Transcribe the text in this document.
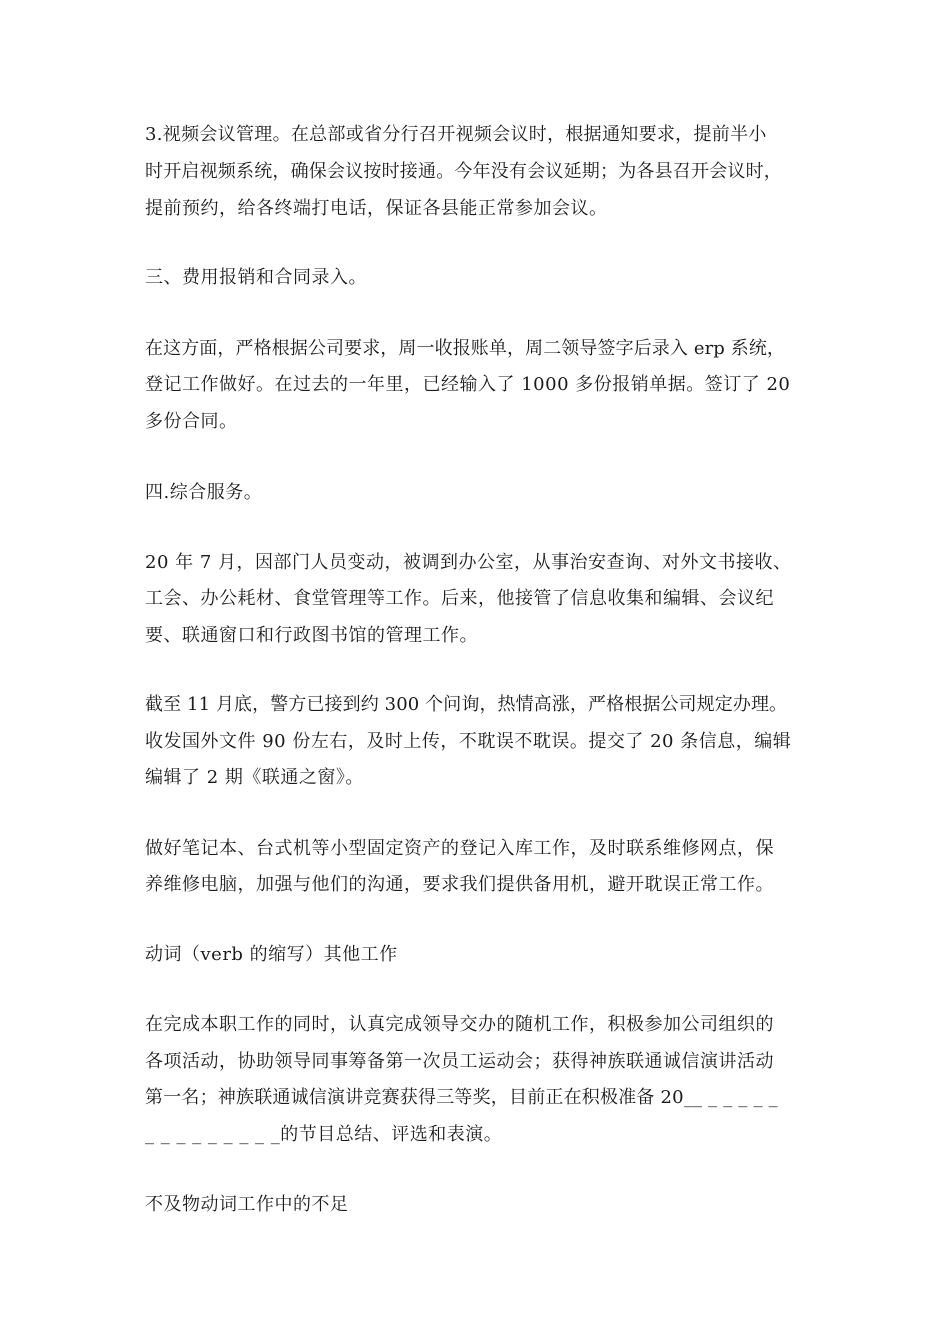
3.视频会议管理。在总部或省分行召开视频会议时，根据通知要求，提前半小
时开启视频系统，确保会议按时接通。今年没有会议延期；为各县召开会议时，
提前预约，给各终端打电话，保证各县能正常参加会议。
三、费用报销和合同录入。
在这方面，严格根据公司要求，周一收报账单，周二领导签字后录入 erp 系统，
登记工作做好。在过去的一年里，已经输入了 1000 多份报销单据。签订了 20
多份合同。
四.综合服务。
20 年 7 月，因部门人员变动，被调到办公室，从事治安查询、对外文书接收、
工会、办公耗材、食堂管理等工作。后来，他接管了信息收集和编辑、会议纪
要、联通窗口和行政图书馆的管理工作。
截至 11 月底，警方已接到约 300 个问询，热情高涨，严格根据公司规定办理。
收发国外文件 90 份左右，及时上传，不耽误不耽误。提交了 20 条信息，编辑
编辑了 2 期《联通之窗》。
做好笔记本、台式机等小型固定资产的登记入库工作，及时联系维修网点，保
养维修电脑，加强与他们的沟通，要求我们提供备用机，避开耽误正常工作。
动词（verb 的缩写）其他工作
在完成本职工作的同时，认真完成领导交办的随机工作，积极参加公司组织的
各项活动，协助领导同事筹备第一次员工运动会；获得神族联通诚信演讲活动
第一名；神族联通诚信演讲竞赛获得三等奖，目前正在积极准备 20__ _ _ _ _ _
_ _ _ _ _ _ _ _ _的节目总结、评选和表演。
不及物动词工作中的不足
